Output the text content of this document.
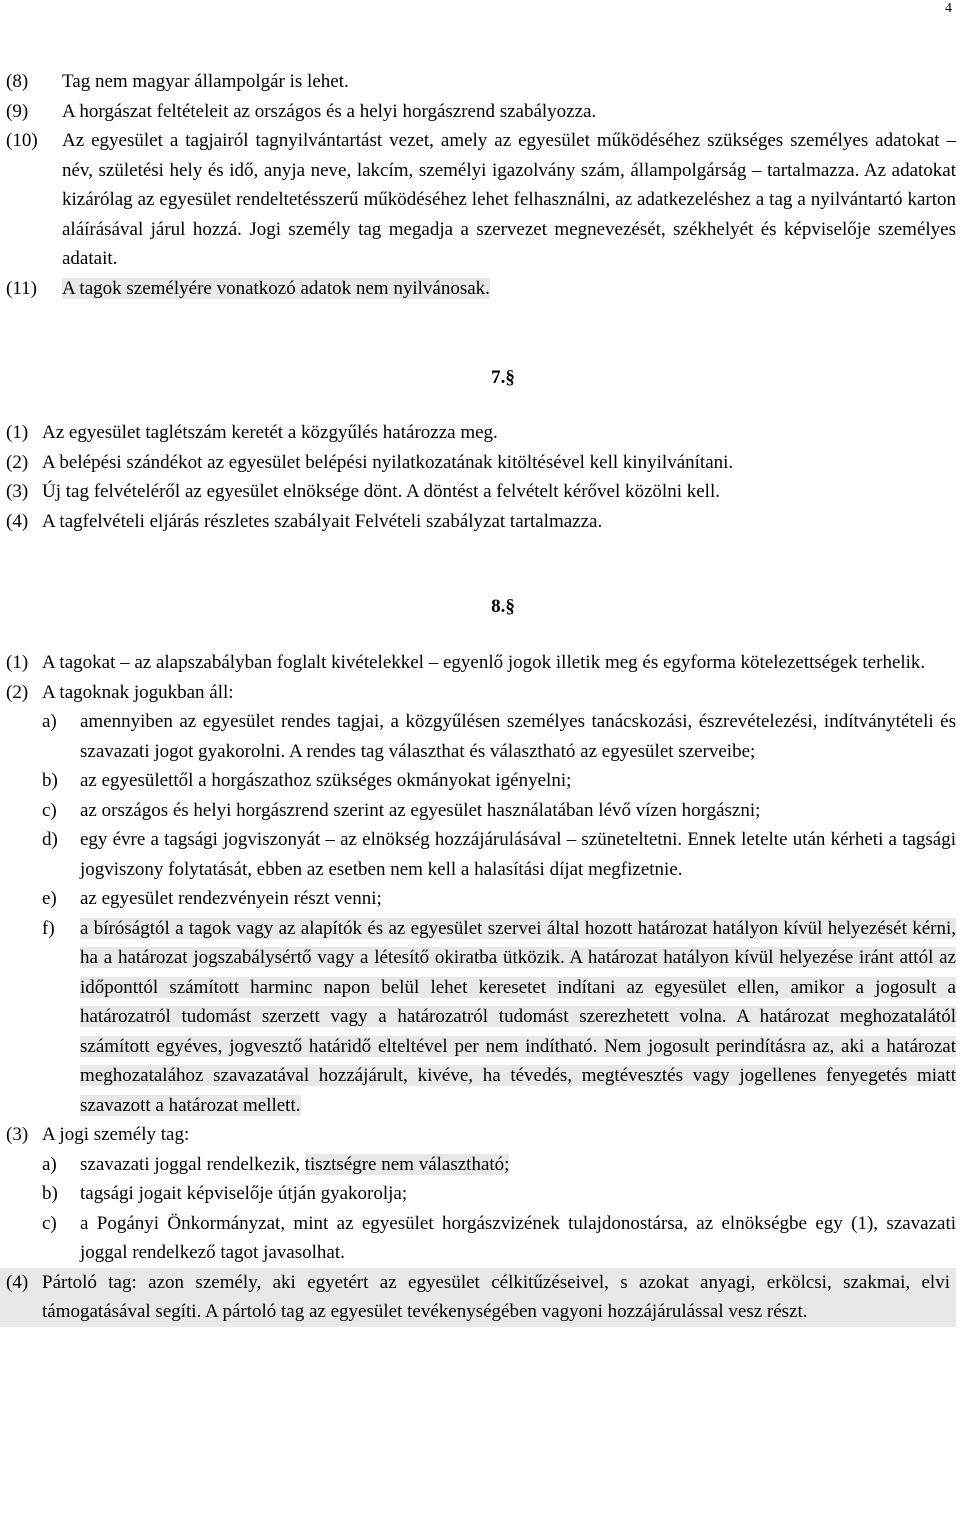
4
(8) Tag nem magyar állampolgár is lehet.
(9) A horgászat feltételeit az országos és a helyi horgászrend szabályozza.
(10) Az egyesület a tagjairól tagnyilvántartást vezet, amely az egyesület működéséhez szükséges személyes adatokat – név, születési hely és idő, anyja neve, lakcím, személyi igazolvány szám, állampolgárság – tartalmazza. Az adatokat kizárólag az egyesület rendeltetésszerű működéséhez lehet felhasználni, az adatkezeléshez a tag a nyilvántartó karton aláírásával járul hozzá. Jogi személy tag megadja a szervezet megnevezését, székhelyét és képviselője személyes adatait.
(11) A tagok személyére vonatkozó adatok nem nyilvánosak.
7.§
(1) Az egyesület taglétszám keretét a közgyűlés határozza meg.
(2) A belépési szándékot az egyesület belépési nyilatkozatának kitöltésével kell kinyilvánítani.
(3) Új tag felvételéről az egyesület elnöksége dönt. A döntést a felvételt kérővel közölni kell.
(4) A tagfelvételi eljárás részletes szabályait Felvételi szabályzat tartalmazza.
8.§
(1) A tagokat – az alapszabályban foglalt kivételekkel – egyenlő jogok illetik meg és egyforma kötelezettségek terhelik.
(2) A tagoknak jogukban áll:
a) amennyiben az egyesület rendes tagjai, a közgyűlésen személyes tanácskozási, észrevételezési, indítványtételi és szavazati jogot gyakorolni. A rendes tag választhat és választható az egyesület szerveibe;
b) az egyesülettől a horgászathoz szükséges okmányokat igényelni;
c) az országos és helyi horgászrend szerint az egyesület használatában lévő vízen horgászni;
d) egy évre a tagsági jogviszonyát – az elnökség hozzájárulásával – szüneteltetni. Ennek letelte után kérheti a tagsági jogviszony folytatását, ebben az esetben nem kell a halasítási díjat megfizetnie.
e) az egyesület rendezvényein részt venni;
f) a bíróságtól a tagok vagy az alapítók és az egyesület szervei által hozott határozat hatályon kívül helyezését kérni, ha a határozat jogszabálysértő vagy a létesítő okiratba ütközik. A határozat hatályon kívül helyezése iránt attól az időponttól számított harminc napon belül lehet keresetet indítani az egyesület ellen, amikor a jogosult a határozatról tudomást szerzett vagy a határozatról tudomást szerezhetett volna. A határozat meghozatalától számított egyéves, jogvesztő határidő elteltével per nem indítható. Nem jogosult perindításra az, aki a határozat meghozatalához szavazatával hozzájárult, kivéve, ha tévedés, megtévesztés vagy jogellenes fenyegetés miatt szavazott a határozat mellett.
(3) A jogi személy tag:
a) szavazati joggal rendelkezik, tisztségre nem választható;
b) tagsági jogait képviselője útján gyakorolja;
c) a Pogányi Önkormányzat, mint az egyesület horgászvizének tulajdonostársa, az elnökségbe egy (1), szavazati joggal rendelkező tagot javasolhat.
(4) Pártoló tag: azon személy, aki egyetért az egyesület célkitűzéseivel, s azokat anyagi, erkölcsi, szakmai, elvi támogatásával segíti. A pártoló tag az egyesület tevékenységében vagyoni hozzájárulással vesz részt.
